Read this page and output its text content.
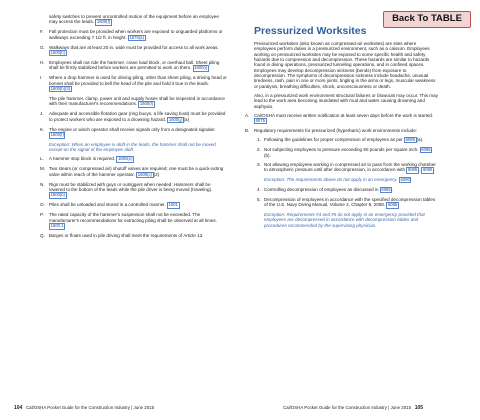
Back To TABLE
safety switches to prevent uncontrolled motion of the equipment before an employee may access the leads. 1600(f)
F. Fall protection must be provided when workers are exposed to unguarded platforms or walkways exceeding 7 1/2 ft. in height. 1670(a)
G. Walkways that are at least 20 in. wide must be provided for access to all work areas. 1600(h)
H. Employees shall not ride the hammer, crane load block, or overhaul ball. Sheet piling shall be firmly stabilized before workers are permitted to work on them. 1600(i)
I. Where a drop hammer is used for driving piling, other than sheet piling, a driving head or bonnet shall be provided to bell the head of the pile and hold it true in the leads. 1600(h)(3)
The pile hammer, clamp, power unit and supply hoses shall be inspected in accordance with their manufacturer's recommendations. 1600(f)
J. Adequate and accessible flotation gear (ring buoys, a life saving boat) must be provided to protect workers who are exposed to a drowning hazard. 1600(j) (a)
K. The engine or winch operator shall receive signals only from a designated signaler. 1600(f)
Exception: When an employee is aloft in the leads, the hammer shall not be moved except on the signal of the employee aloft.
L. A hammer stop block is required. 1600(e)
M. Two steam (or compressed air) shutoff valves are required; one must be a quick-acting valve within reach of the hammer operator. 1600(c) (2)
N. Rigs must be stabilized with guys or outriggers when needed. Hammers shall be lowered to the bottom of the leads while the pile driver is being moved (traveling). 1600(b)
O. Piles shall be unloaded and stored in a controlled manner. 1601
P. The rated capacity of the hammer's suspension shall not be exceeded. The manufacturer's recommendations for extracting piling shall be observed at all times. 1600.1
Q. Barges or floats used in pile driving shall meet the requirements of Article 13.
Pressurized Worksites
Pressurized worksites (also known as compressed-air worksites) are sites where employees perform duties in a pressurized environment, such as a caisson. Employees working on pressurized worksites may be exposed to some specific health and safety hazards due to compression and decompression. These hazards are similar to hazards found in diving operations, pressurized tunneling operations, and in confined spaces. Employees may develop decompression sickness (bends) from exposure to decompression. The symptoms of decompression sickness include headache, unusual tiredness, rash, pain in one or more joints, tingling in the arms or legs, muscular weakness or paralysis, breathing difficulties, shock, unconsciousness or death.
Also, in a pressurized work environment structural failures or blowouts may occur. This may lead to the work area becoming inundated with mud and water causing drowning and asphyxia.
A. Cal/OSHA must receive written notification at least seven days before the work is started. 6075
B. Regulatory requirements for pressurized (hyperbaric) work environments include:
1. Following the guidelines for proper compression of employees as per 6085 (a).
2. Not subjecting employees to pressure exceeding 50 pounds per square inch. 6085(b).
3. Not allowing employees working in compressed air to pass from the working chamber to atmospheric pressure until after decompression, in accordance with 6085 , 6090 .
Exception: The requirements above do not apply in an emergency. 6090
4. Controlling decompression of employees as discussed in 6085 .
5. Decompression of employees in accordance with the specified decompression tables of the U.S. Navy Diving Manual, Volume 2, Chapter 9, 2008. 6085
Exception: Requirements #4 and #5 do not apply in an emergency provided that employees are decompressed in accordance with decompression tables and procedures recommended by the supervising physician.
104 Cal/OSHA Pocket Guide for the Construction Industry | June 2015	Cal/OSHA Pocket Guide for the Construction Industry | June 2015 105
